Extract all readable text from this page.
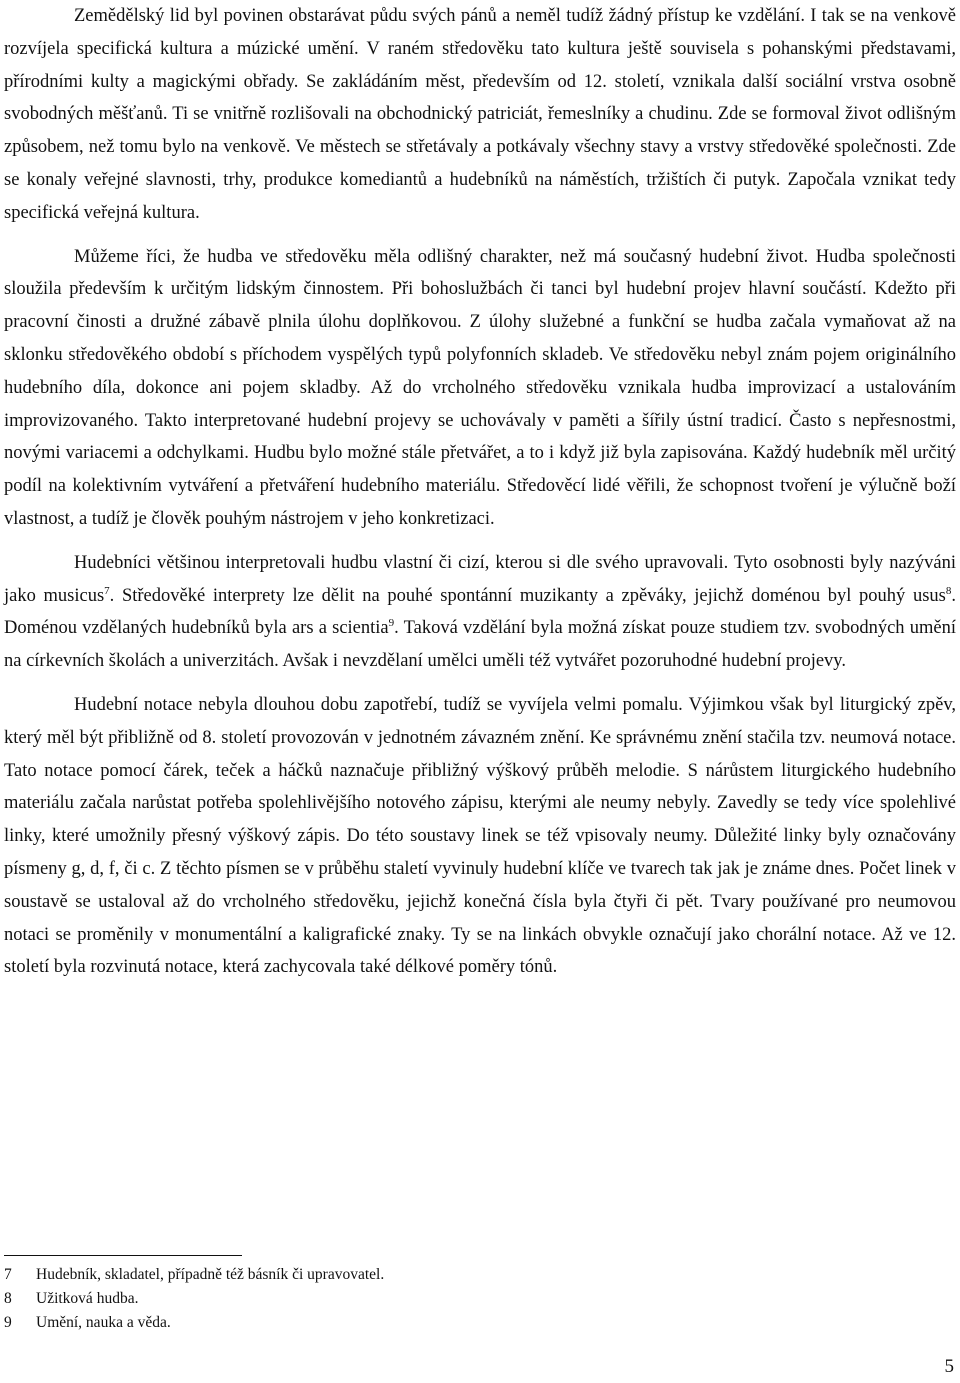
Zemědělský lid byl povinen obstarávat půdu svých pánů a neměl tudíž žádný přístup ke vzdělání. I tak se na venkově rozvíjela specifická kultura a múzické umění. V raném středověku tato kultura ještě souvisela s pohanskými představami, přírodními kulty a magickými obřady. Se zakládáním měst, především od 12. století, vznikala další sociální vrstva osobně svobodných měšťanů. Ti se vnitřně rozlišovali na obchodnický patriciát, řemeslníky a chudinu. Zde se formoval život odlišným způsobem, než tomu bylo na venkově. Ve městech se střetávaly a potkávaly všechny stavy a vrstvy středověké společnosti. Zde se konaly veřejné slavnosti, trhy, produkce komediantů a hudebníků na náměstích, tržištích či putyk. Započala vznikat tedy specifická veřejná kultura.

Můžeme říci, že hudba ve středověku měla odlišný charakter, než má současný hudební život. Hudba společnosti sloužila především k určitým lidským činnostem. Při bohoslužbách či tanci byl hudební projev hlavní součástí. Kdežto při pracovní činosti a družné zábavě plnila úlohu doplňkovou. Z úlohy služebné a funkční se hudba začala vymaňovat až na sklonku středověkého období s příchodem vyspělých typů polyfonních skladeb. Ve středověku nebyl znám pojem originálního hudebního díla, dokonce ani pojem skladby. Až do vrcholného středověku vznikala hudba improvizací a ustalováním improvizovaného. Takto interpretované hudební projevy se uchovávaly v paměti a šířily ústní tradicí. Často s nepřesnostmi, novými variacemi a odchylkami. Hudbu bylo možné stále přetvářet, a to i když již byla zapisována. Každý hudebník měl určitý podíl na kolektivním vytváření a přetváření hudebního materiálu. Středověcí lidé věřili, že schopnost tvoření je výlučně boží vlastnost, a tudíž je člověk pouhým nástrojem v jeho konkretizaci.

Hudebníci většinou interpretovali hudbu vlastní či cizí, kterou si dle svého upravovali. Tyto osobnosti byly nazýváni jako musicus$^7$. Středověké interprety lze dělit na pouhé spontánní muzikanty a zpěváky, jejichž doménou byl pouhý usus$^8$. Doménou vzdělaných hudebníků byla ars a scientia$^9$. Taková vzdělání byla možná získat pouze studiem tzv. svobodných umění na církevních školách a univerzitách. Avšak i nevzdělaní umělci uměli též vytvářet pozoruhodné hudební projevy.

Hudební notace nebyla dlouhou dobu zapotřebí, tudíž se vyvíjela velmi pomalu. Výjimkou však byl liturgický zpěv, který měl být přibližně od 8. století provozován v jednotném závazném znění. Ke správnému znění stačila tzv. neumová notace. Tato notace pomocí čárek, teček a háčků naznačuje přibližný výškový průběh melodie. S nárůstem liturgického hudebního materiálu začala narůstat potřeba spolehlivějšího notového zápisu, kterými ale neumy nebyly. Zavedly se tedy více spolehlivé linky, které umožnily přesný výškový zápis. Do této soustavy linek se též vpisovaly neumy. Důležité linky byly označovány písmeny g, d, f, či c. Z těchto písmen se v průběhu staletí vyvinuly hudební klíče ve tvarech tak jak je známe dnes. Počet linek v soustavě se ustaloval až do vrcholného středověku, jejichž konečná čísla byla čtyři či pět. Tvary používané pro neumovou notaci se proměnily v monumentální a kaligrafické znaky. Ty se na linkách obvykle označují jako chorální notace. Až ve 12. století byla rozvinutá notace, která zachycovala také délkové poměry tónů.

7	Hudebník, skladatel, případně též básník či upravovatel.
8	Užitková hudba.
9	Umění, nauka a věda.
5
